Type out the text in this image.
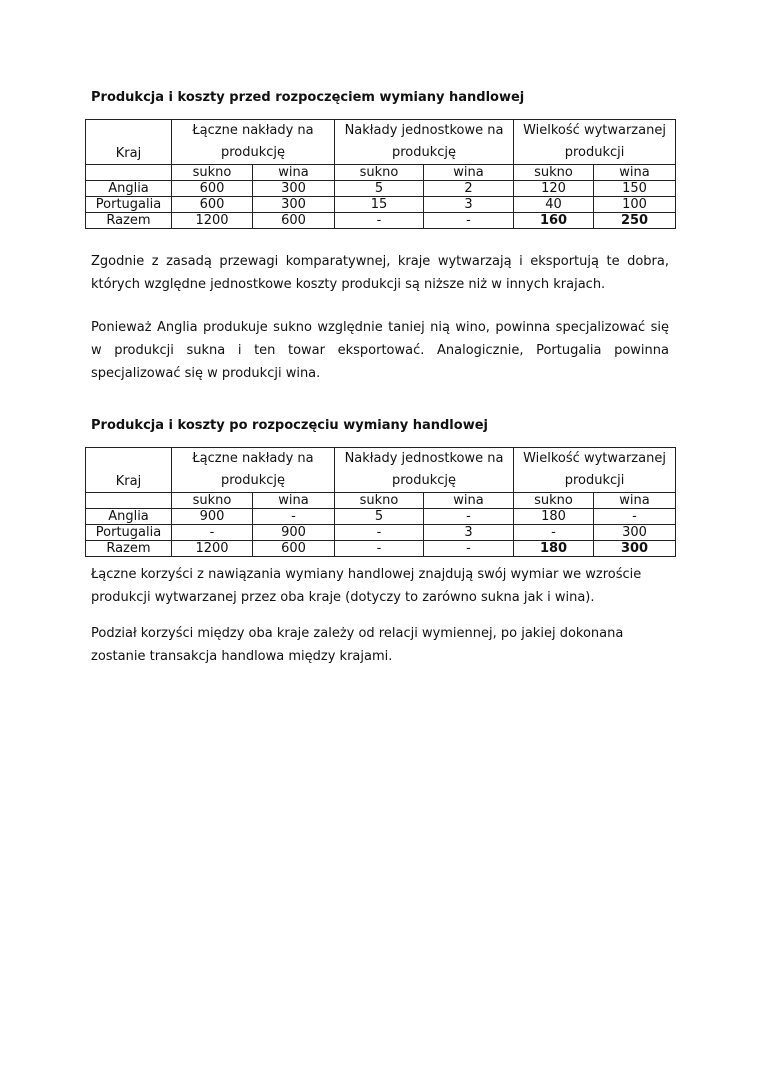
Produkcja i koszty przed rozpoczęciem wymiany handlowej
Kraj	Łączne nakłady na produkcję		Nakłady jednostkowe na produkcję		Wielkość wytwarzanej produkcji	
	sukno	wina	sukno	wina	sukno	wina
Anglia	600	300	5	2	120	150
Portugalia	600	300	15	3	40	100
Razem	1200	600	-	-	160	250

Zgodnie z zasadą przewagi komparatywnej, kraje wytwarzają i eksportują te dobra, których względne jednostkowe koszty produkcji są niższe niż w innych krajach.

Ponieważ Anglia produkuje sukno względnie taniej nią wino, powinna specjalizować się w produkcji sukna i ten towar eksportować. Analogicznie, Portugalia powinna specjalizować się w produkcji wina.

Produkcja i koszty po rozpoczęciu wymiany handlowej
Kraj	Łączne nakłady na produkcję		Nakłady jednostkowe na produkcję		Wielkość wytwarzanej produkcji	
	sukno	wina	sukno	wina	sukno	wina
Anglia	900	-	5	-	180	-
Portugalia	-	900	-	3	-	300
Razem	1200	600	-	-	180	300

Łączne korzyści z nawiązania wymiany handlowej znajdują swój wymiar we wzroście produkcji wytwarzanej przez oba kraje (dotyczy to zarówno sukna jak i wina).

Podział korzyści między oba kraje zależy od relacji wymiennej, po jakiej dokonana zostanie transakcja handlowa między krajami.
